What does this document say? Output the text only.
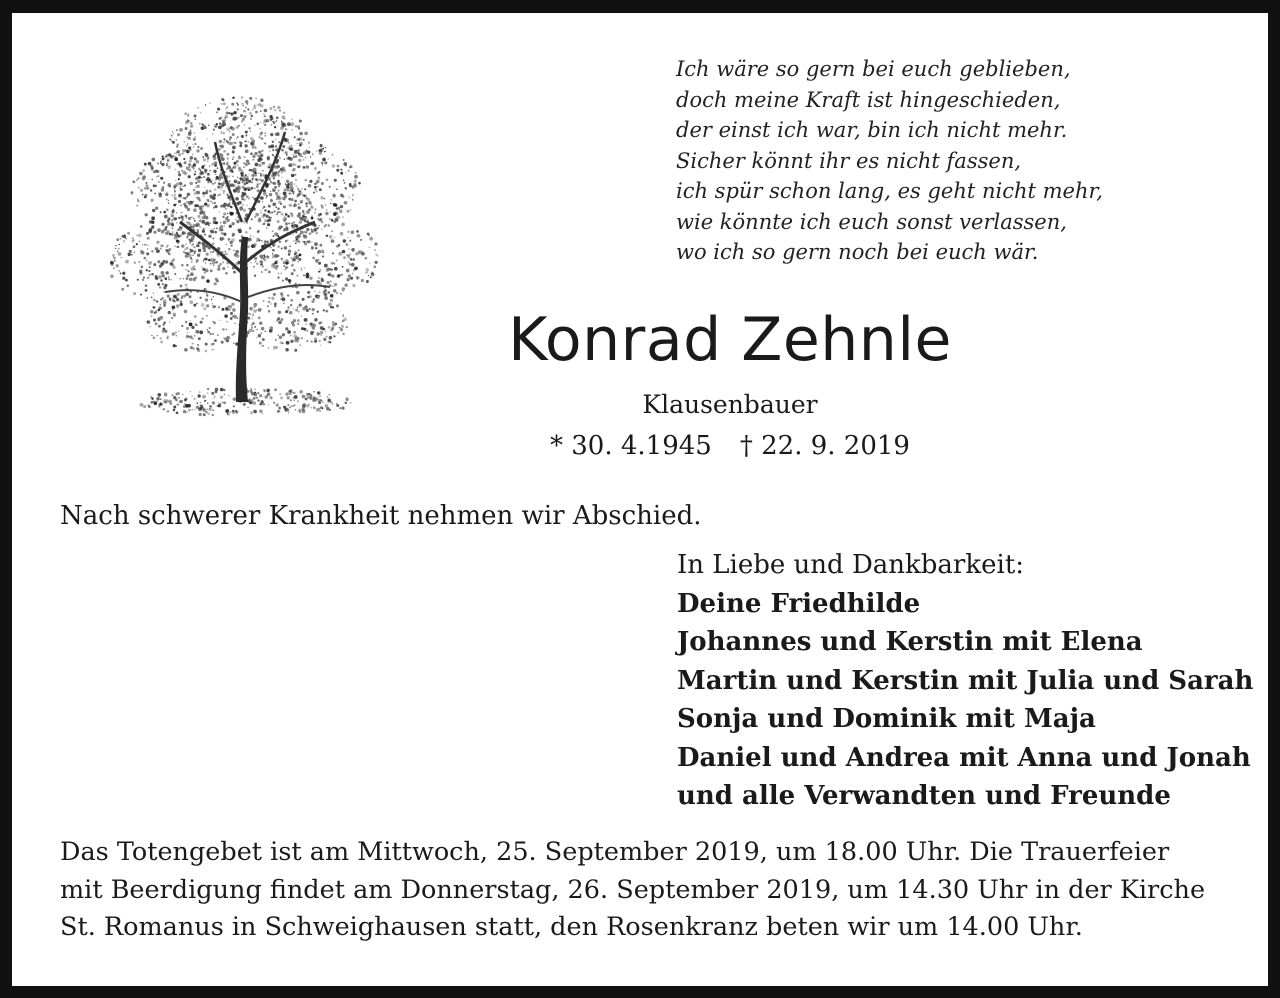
Ich wäre so gern bei euch geblieben,
doch meine Kraft ist hingeschieden,
der einst ich war, bin ich nicht mehr.
Sicher könnt ihr es nicht fassen,
ich spür schon lang, es geht nicht mehr,
wie könnte ich euch sonst verlassen,
wo ich so gern noch bei euch wär.
Konrad Zehnle
Klausenbauer
* 30. 4.1945 † 22. 9. 2019
Nach schwerer Krankheit nehmen wir Abschied.
In Liebe und Dankbarkeit:
Deine Friedhilde
Johannes und Kerstin mit Elena
Martin und Kerstin mit Julia und Sarah
Sonja und Dominik mit Maja
Daniel und Andrea mit Anna und Jonah
und alle Verwandten und Freunde
Das Totengebet ist am Mittwoch, 25. September 2019, um 18.00 Uhr. Die Trauerfeier
mit Beerdigung findet am Donnerstag, 26. September 2019, um 14.30 Uhr in der Kirche
St. Romanus in Schweighausen statt, den Rosenkranz beten wir um 14.00 Uhr.
